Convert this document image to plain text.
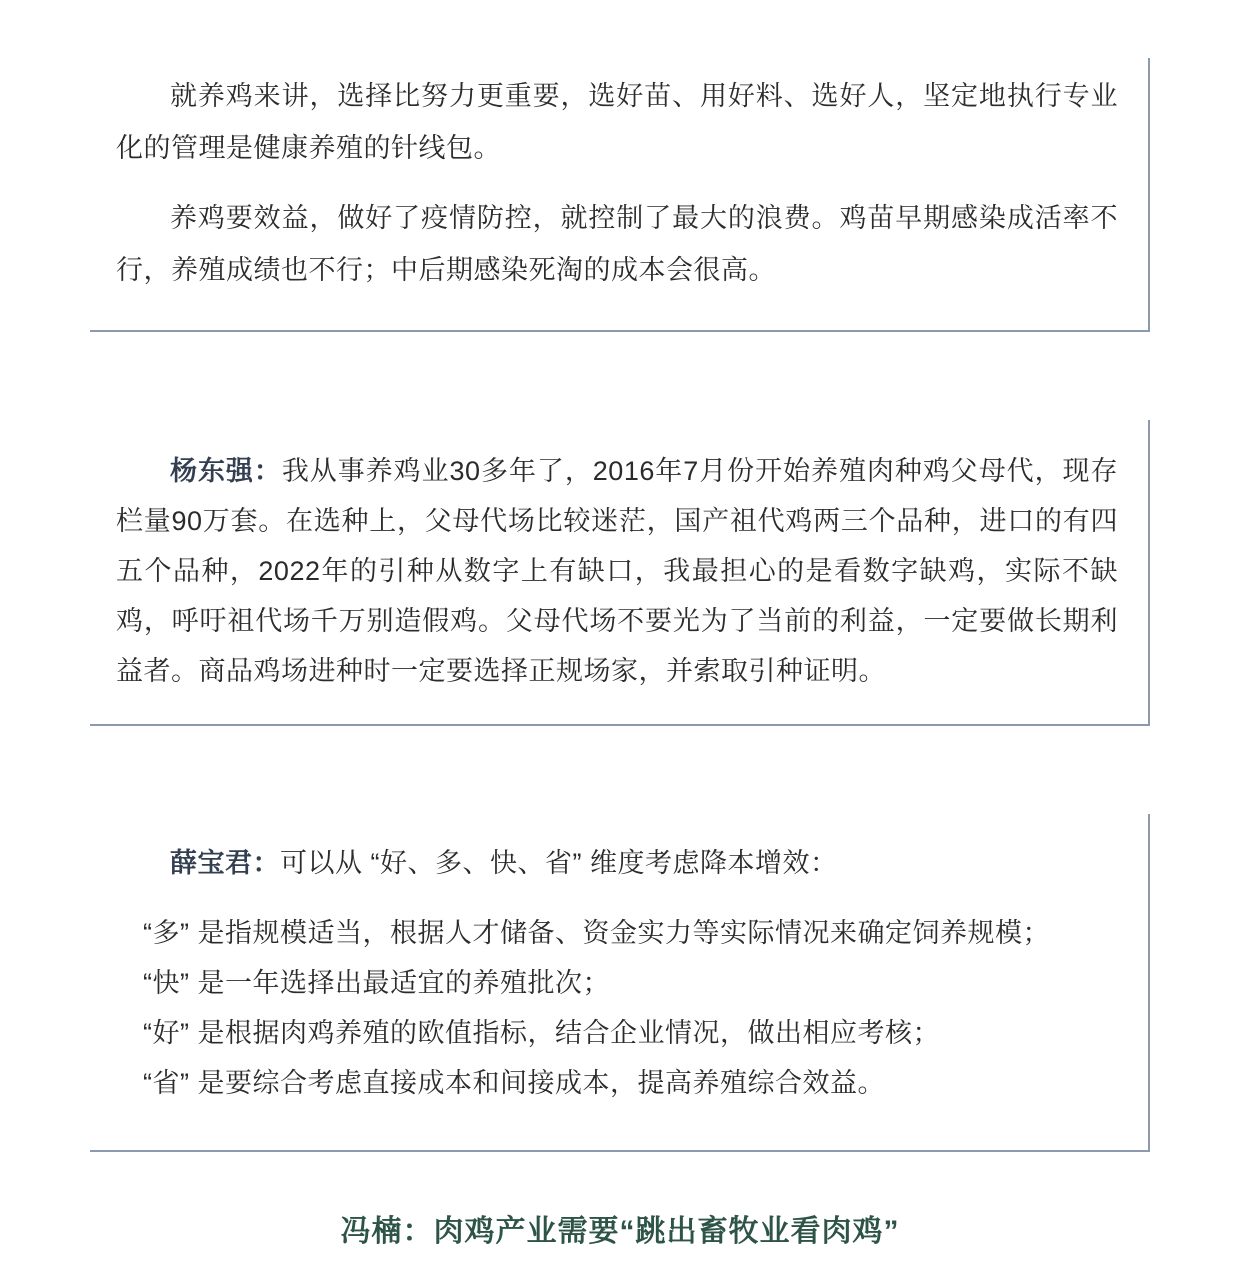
就养鸡来讲，选择比努力更重要，选好苗、用好料、选好人，坚定地执行专业化的管理是健康养殖的针线包。

养鸡要效益，做好了疫情防控，就控制了最大的浪费。鸡苗早期感染成活率不行，养殖成绩也不行；中后期感染死淘的成本会很高。

杨东强：我从事养鸡业30多年了，2016年7月份开始养殖肉种鸡父母代，现存栏量90万套。在选种上，父母代场比较迷茫，国产祖代鸡两三个品种，进口的有四五个品种，2022年的引种从数字上有缺口，我最担心的是看数字缺鸡，实际不缺鸡，呼吁祖代场千万别造假鸡。父母代场不要光为了当前的利益，一定要做长期利益者。商品鸡场进种时一定要选择正规场家，并索取引种证明。

薛宝君：可以从 “好、多、快、省” 维度考虑降本增效：

“多” 是指规模适当，根据人才储备、资金实力等实际情况来确定饲养规模；

“快” 是一年选择出最适宜的养殖批次；

“好” 是根据肉鸡养殖的欧值指标，结合企业情况，做出相应考核；

“省” 是要综合考虑直接成本和间接成本，提高养殖综合效益。

冯楠：肉鸡产业需要“跳出畜牧业看肉鸡”
